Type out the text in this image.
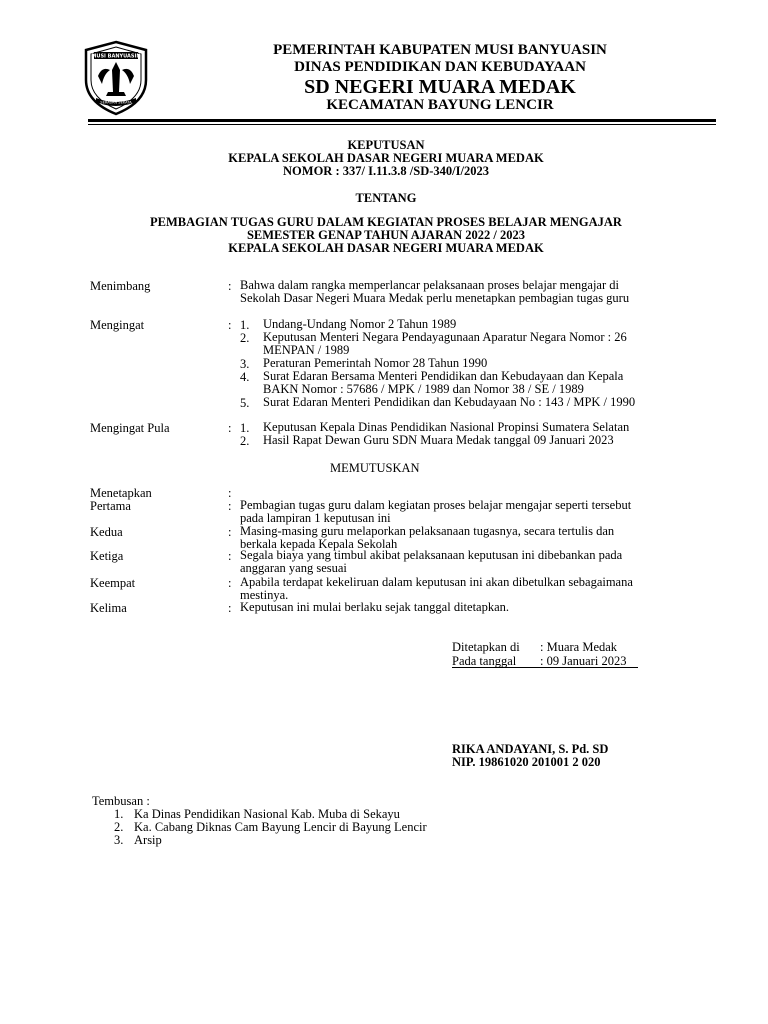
MUSI BANYUASIN
SERASAN SEKATA
PEMERINTAH KABUPATEN MUSI BANYUASIN
DINAS PENDIDIKAN DAN KEBUDAYAAN
SD NEGERI MUARA MEDAK
KECAMATAN BAYUNG LENCIR
KEPUTUSAN
KEPALA SEKOLAH DASAR NEGERI MUARA MEDAK
NOMOR : 337/ I.11.3.8 /SD-340/I/2023
TENTANG
PEMBAGIAN TUGAS GURU DALAM KEGIATAN PROSES BELAJAR MENGAJAR
SEMESTER GENAP TAHUN AJARAN 2022 / 2023
KEPALA SEKOLAH DASAR NEGERI MUARA MEDAK
Menimbang	: Bahwa dalam rangka memperlancar pelaksanaan proses belajar mengajar di
Sekolah Dasar Negeri Muara Medak perlu menetapkan pembagian tugas guru
Mengingat	: 1. Undang-Undang Nomor 2 Tahun 1989
2. Keputusan Menteri Negara Pendayagunaan Aparatur Negara Nomor : 26
MENPAN / 1989
3. Peraturan Pemerintah Nomor 28 Tahun 1990
4. Surat Edaran Bersama Menteri Pendidikan dan Kebudayaan dan Kepala
BAKN Nomor : 57686 / MPK / 1989 dan Nomor 38 / SE / 1989
5. Surat Edaran Menteri Pendidikan dan Kebudayaan No : 143 / MPK / 1990
Mengingat Pula	: 1. Keputusan Kepala Dinas Pendidikan Nasional Propinsi Sumatera Selatan
2. Hasil Rapat Dewan Guru SDN Muara Medak tanggal 09 Januari 2023
MEMUTUSKAN
Menetapkan	:
Pertama	: Pembagian tugas guru dalam kegiatan proses belajar mengajar seperti tersebut
pada lampiran 1 keputusan ini
Kedua	: Masing-masing guru melaporkan pelaksanaan tugasnya, secara tertulis dan
berkala kepada Kepala Sekolah
Ketiga	: Segala biaya yang timbul akibat pelaksanaan keputusan ini dibebankan pada
anggaran yang sesuai
Keempat	: Apabila terdapat kekeliruan dalam keputusan ini akan dibetulkan sebagaimana
mestinya.
Kelima	: Keputusan ini mulai berlaku sejak tanggal ditetapkan.
Ditetapkan di : Muara Medak
Pada tanggal : 09 Januari 2023
RIKA ANDAYANI, S. Pd. SD
NIP. 19861020 201001 2 020
Tembusan :
1. Ka Dinas Pendidikan Nasional Kab. Muba di Sekayu
2. Ka. Cabang Diknas Cam Bayung Lencir di Bayung Lencir
3. Arsip
